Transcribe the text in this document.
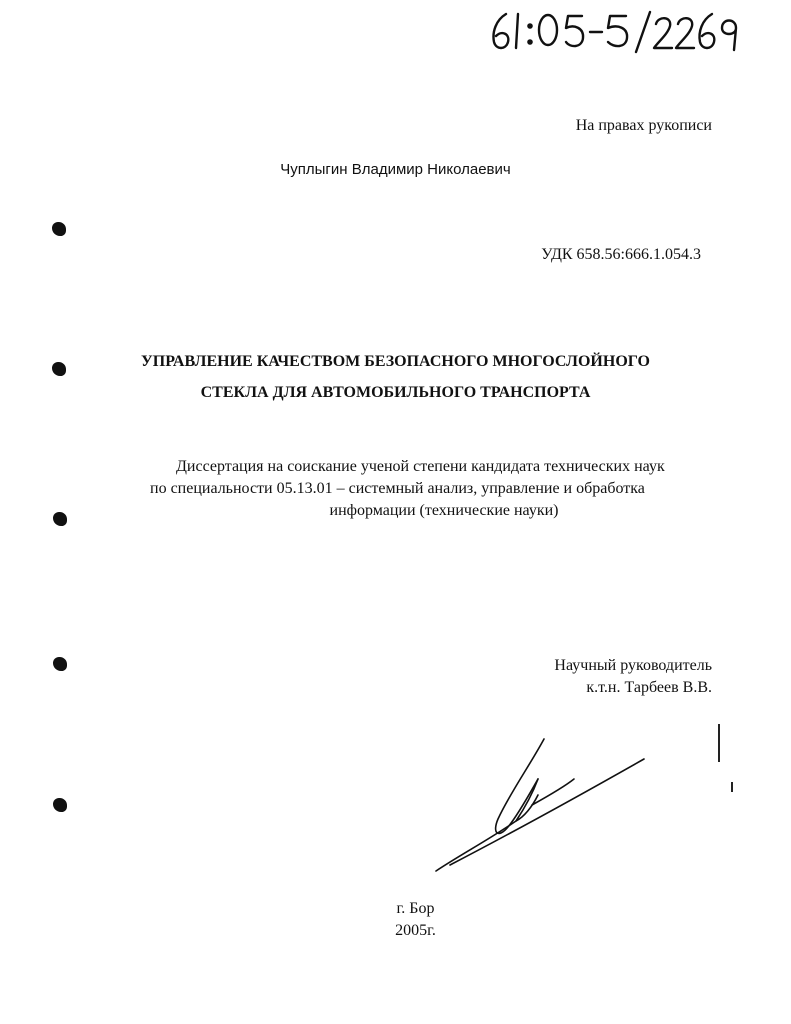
На правах рукописи
Чуплыгин Владимир Николаевич
УДК 658.56:666.1.054.3
УПРАВЛЕНИЕ КАЧЕСТВОМ БЕЗОПАСНОГО МНОГОСЛОЙНОГО
СТЕКЛА ДЛЯ АВТОМОБИЛЬНОГО ТРАНСПОРТА
Диссертация на соискание ученой степени кандидата технических наук
по специальности 05.13.01 – системный анализ, управление и обработка
информации (технические науки)
Научный руководитель
к.т.н. Тарбеев В.В.
г. Бор
2005г.
